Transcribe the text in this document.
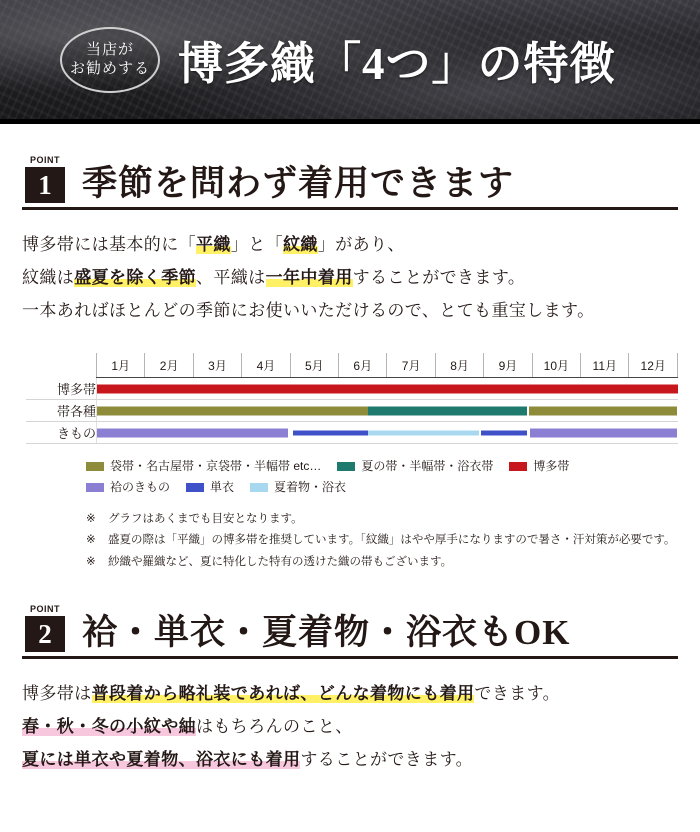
当店が
お勧めする 博多織「4つ」の特徴
POINT
1 季節を問わず着用できます
博多帯には基本的に「平織」と「紋織」があり、
紋織は盛夏を除く季節、平織は一年中着用することができます。
一本あればほとんどの季節にお使いいただけるので、とても重宝します。
	1月	2月	3月	4月	5月	6月	7月	8月	9月	10月	11月	12月
博多帯												

帯各種												

きもの												
袋帯・名古屋帯・京袋帯・半幅帯 etc…	夏の帯・半幅帯・浴衣帯	博多帯
袷のきもの	単衣	夏着物・浴衣
※	グラフはあくまでも目安となります。
※	盛夏の際は「平織」の博多帯を推奨しています。「紋織」はやや厚手になりますので暑さ・汗対策が必要です。
※	紗織や羅織など、夏に特化した特有の透けた織の帯もございます。
POINT
2 袷・単衣・夏着物・浴衣もOK
博多帯は普段着から略礼装であれば、どんな着物にも着用できます。
春・秋・冬の小紋や紬はもちろんのこと、
夏には単衣や夏着物、浴衣にも着用することができます。
